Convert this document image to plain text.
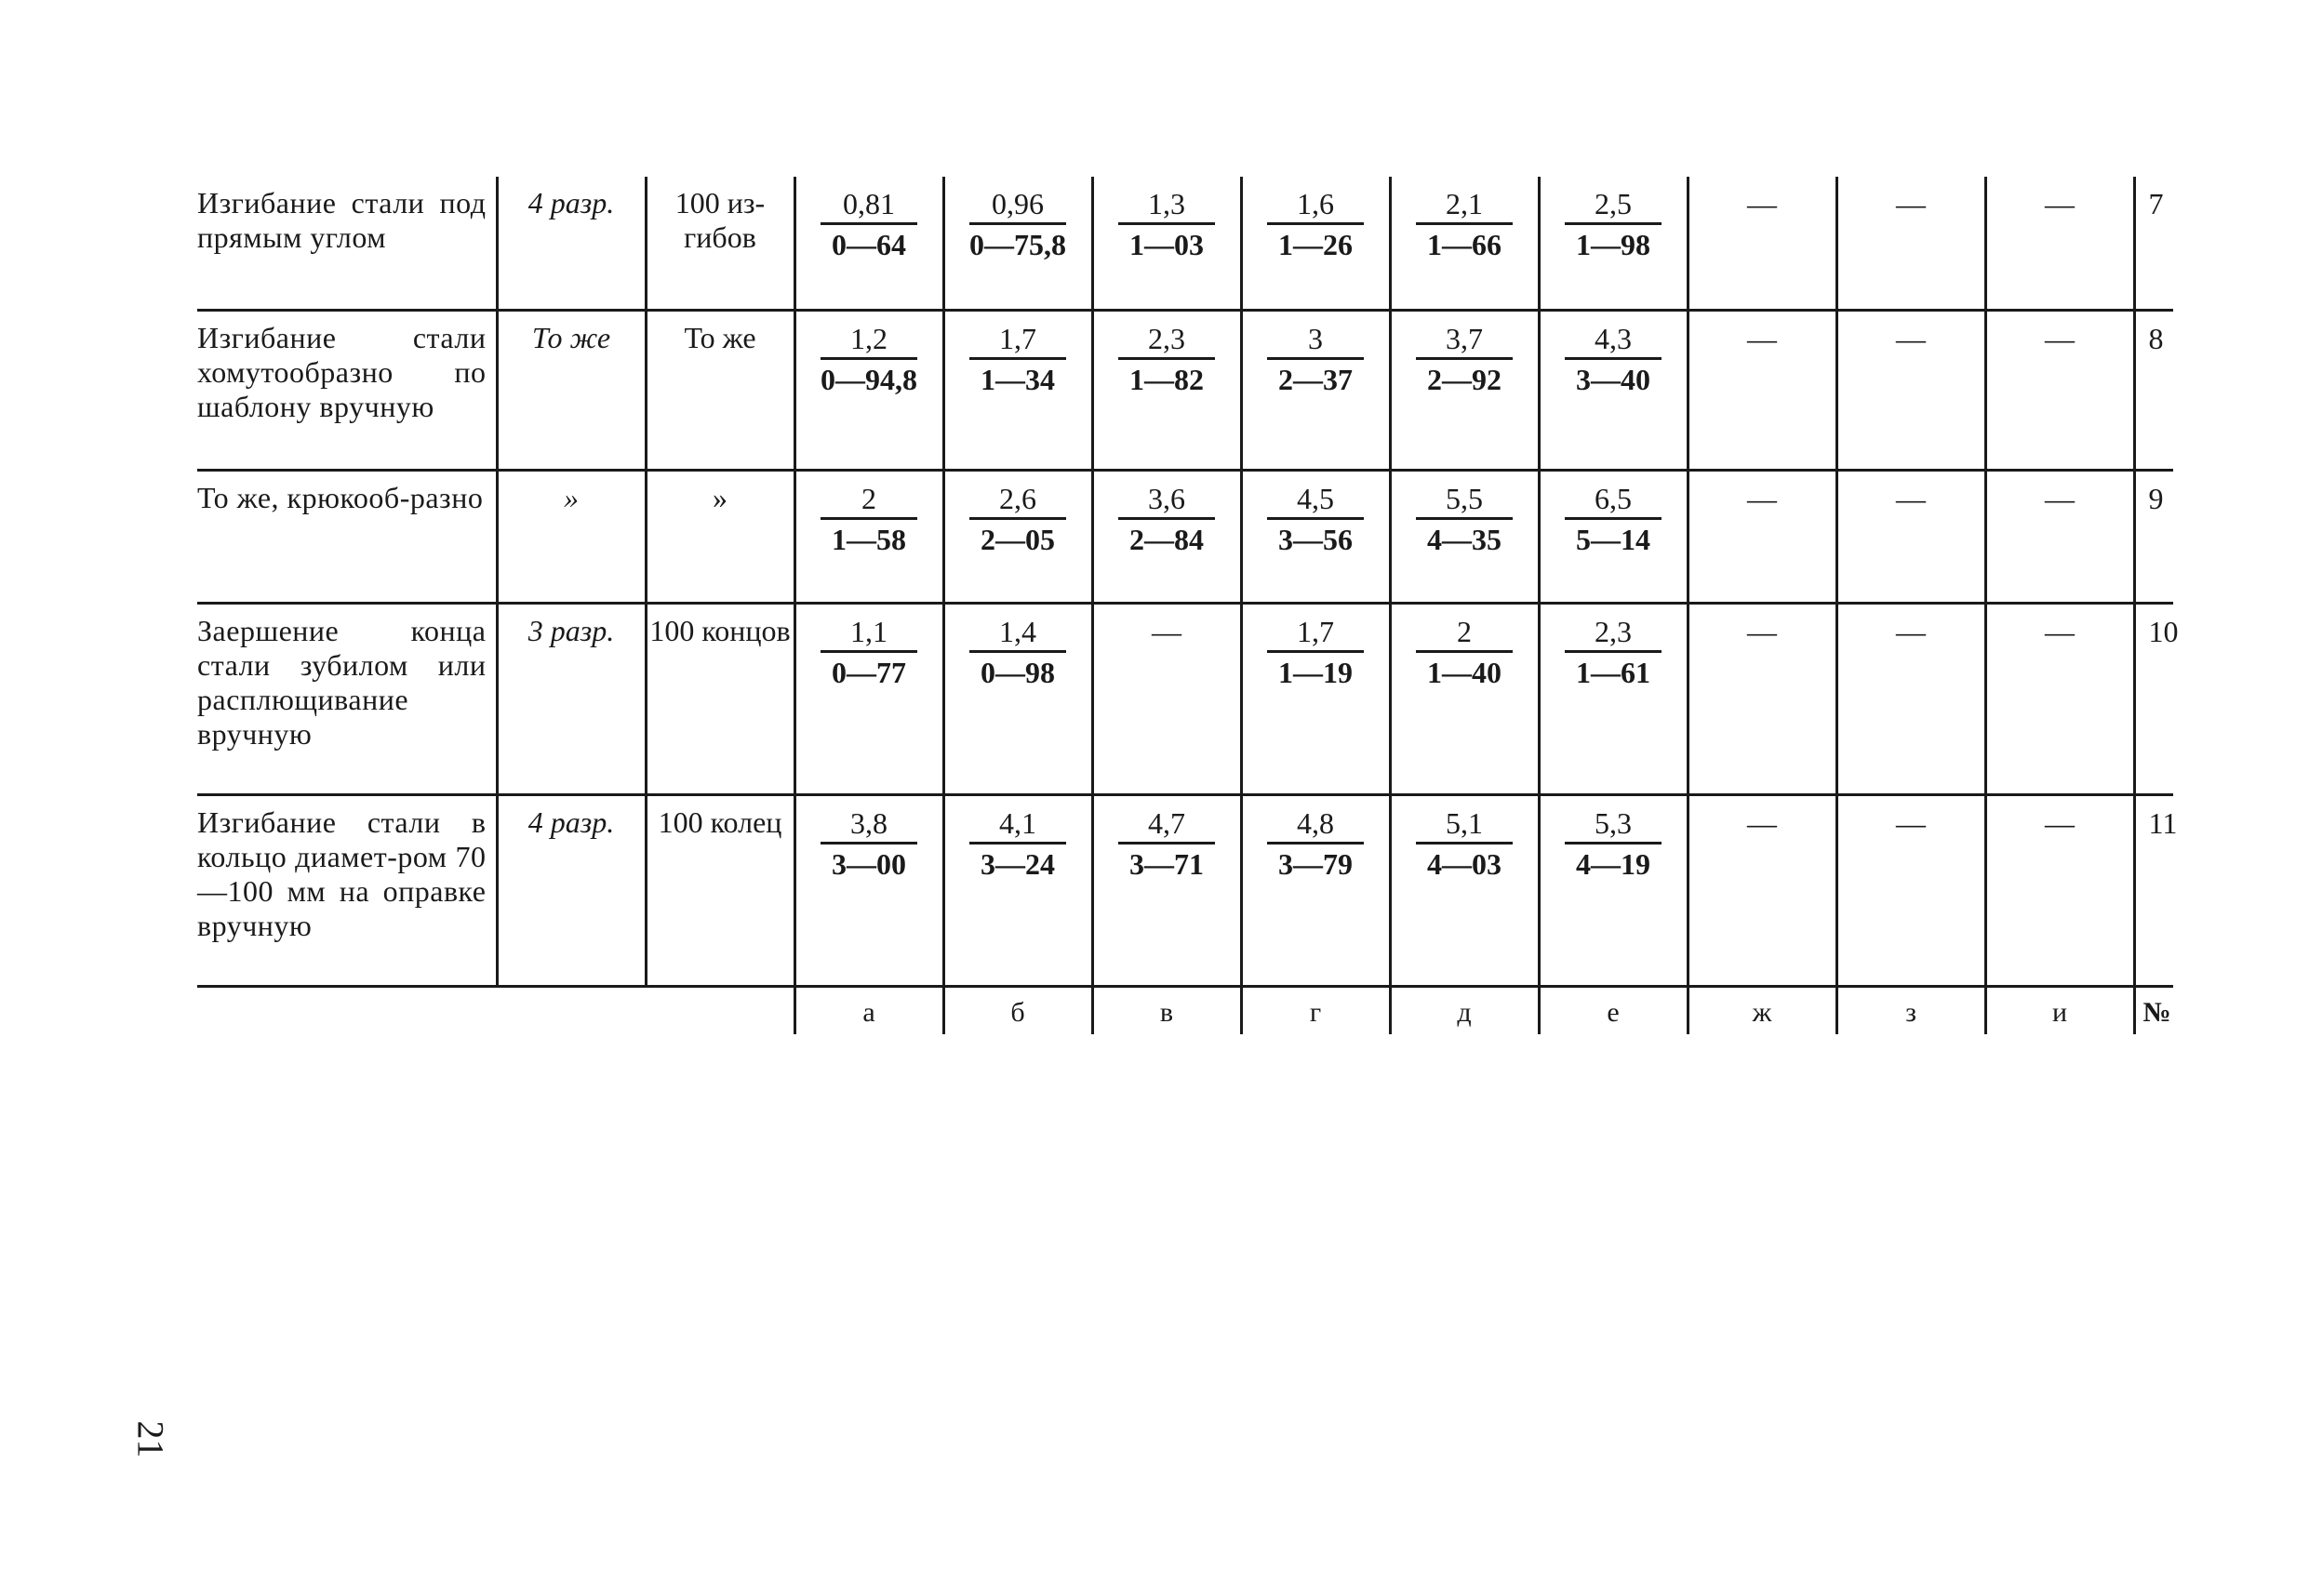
Изгибание стали под прямым углом	4 разр.	100 из-гибов	$\frac{0,81}{0—64}$	$\frac{0,96}{0—75,8}$	$\frac{1,3}{1—03}$	$\frac{1,6}{1—26}$	$\frac{2,1}{1—66}$	$\frac{2,5}{1—98}$	—	—	—	7
Изгибание стали хомутообразно по шаблону вручную	То же	То же	$\frac{1,2}{0—94,8}$	$\frac{1,7}{1—34}$	$\frac{2,3}{1—82}$	$\frac{3}{2—37}$	$\frac{3,7}{2—92}$	$\frac{4,3}{3—40}$	—	—	—	8
То же, крюкооб-разно	»	»	$\frac{2}{1—58}$	$\frac{2,6}{2—05}$	$\frac{3,6}{2—84}$	$\frac{4,5}{3—56}$	$\frac{5,5}{4—35}$	$\frac{6,5}{5—14}$	—	—	—	9
Заершение конца стали зубилом или расплющивание вручную	3 разр.	100 концов	$\frac{1,1}{0—77}$	$\frac{1,4}{0—98}$	—	$\frac{1,7}{1—19}$	$\frac{2}{1—40}$	$\frac{2,3}{1—61}$	—	—	—	10
Изгибание стали в кольцо диамет-ром 70—100 мм на оправке вручную	4 разр.	100 колец	$\frac{3,8}{3—00}$	$\frac{4,1}{3—24}$	$\frac{4,7}{3—71}$	$\frac{4,8}{3—79}$	$\frac{5,1}{4—03}$	$\frac{5,3}{4—19}$	—	—	—	11
			а	б	в	г	д	е	ж	з	и	№
21
